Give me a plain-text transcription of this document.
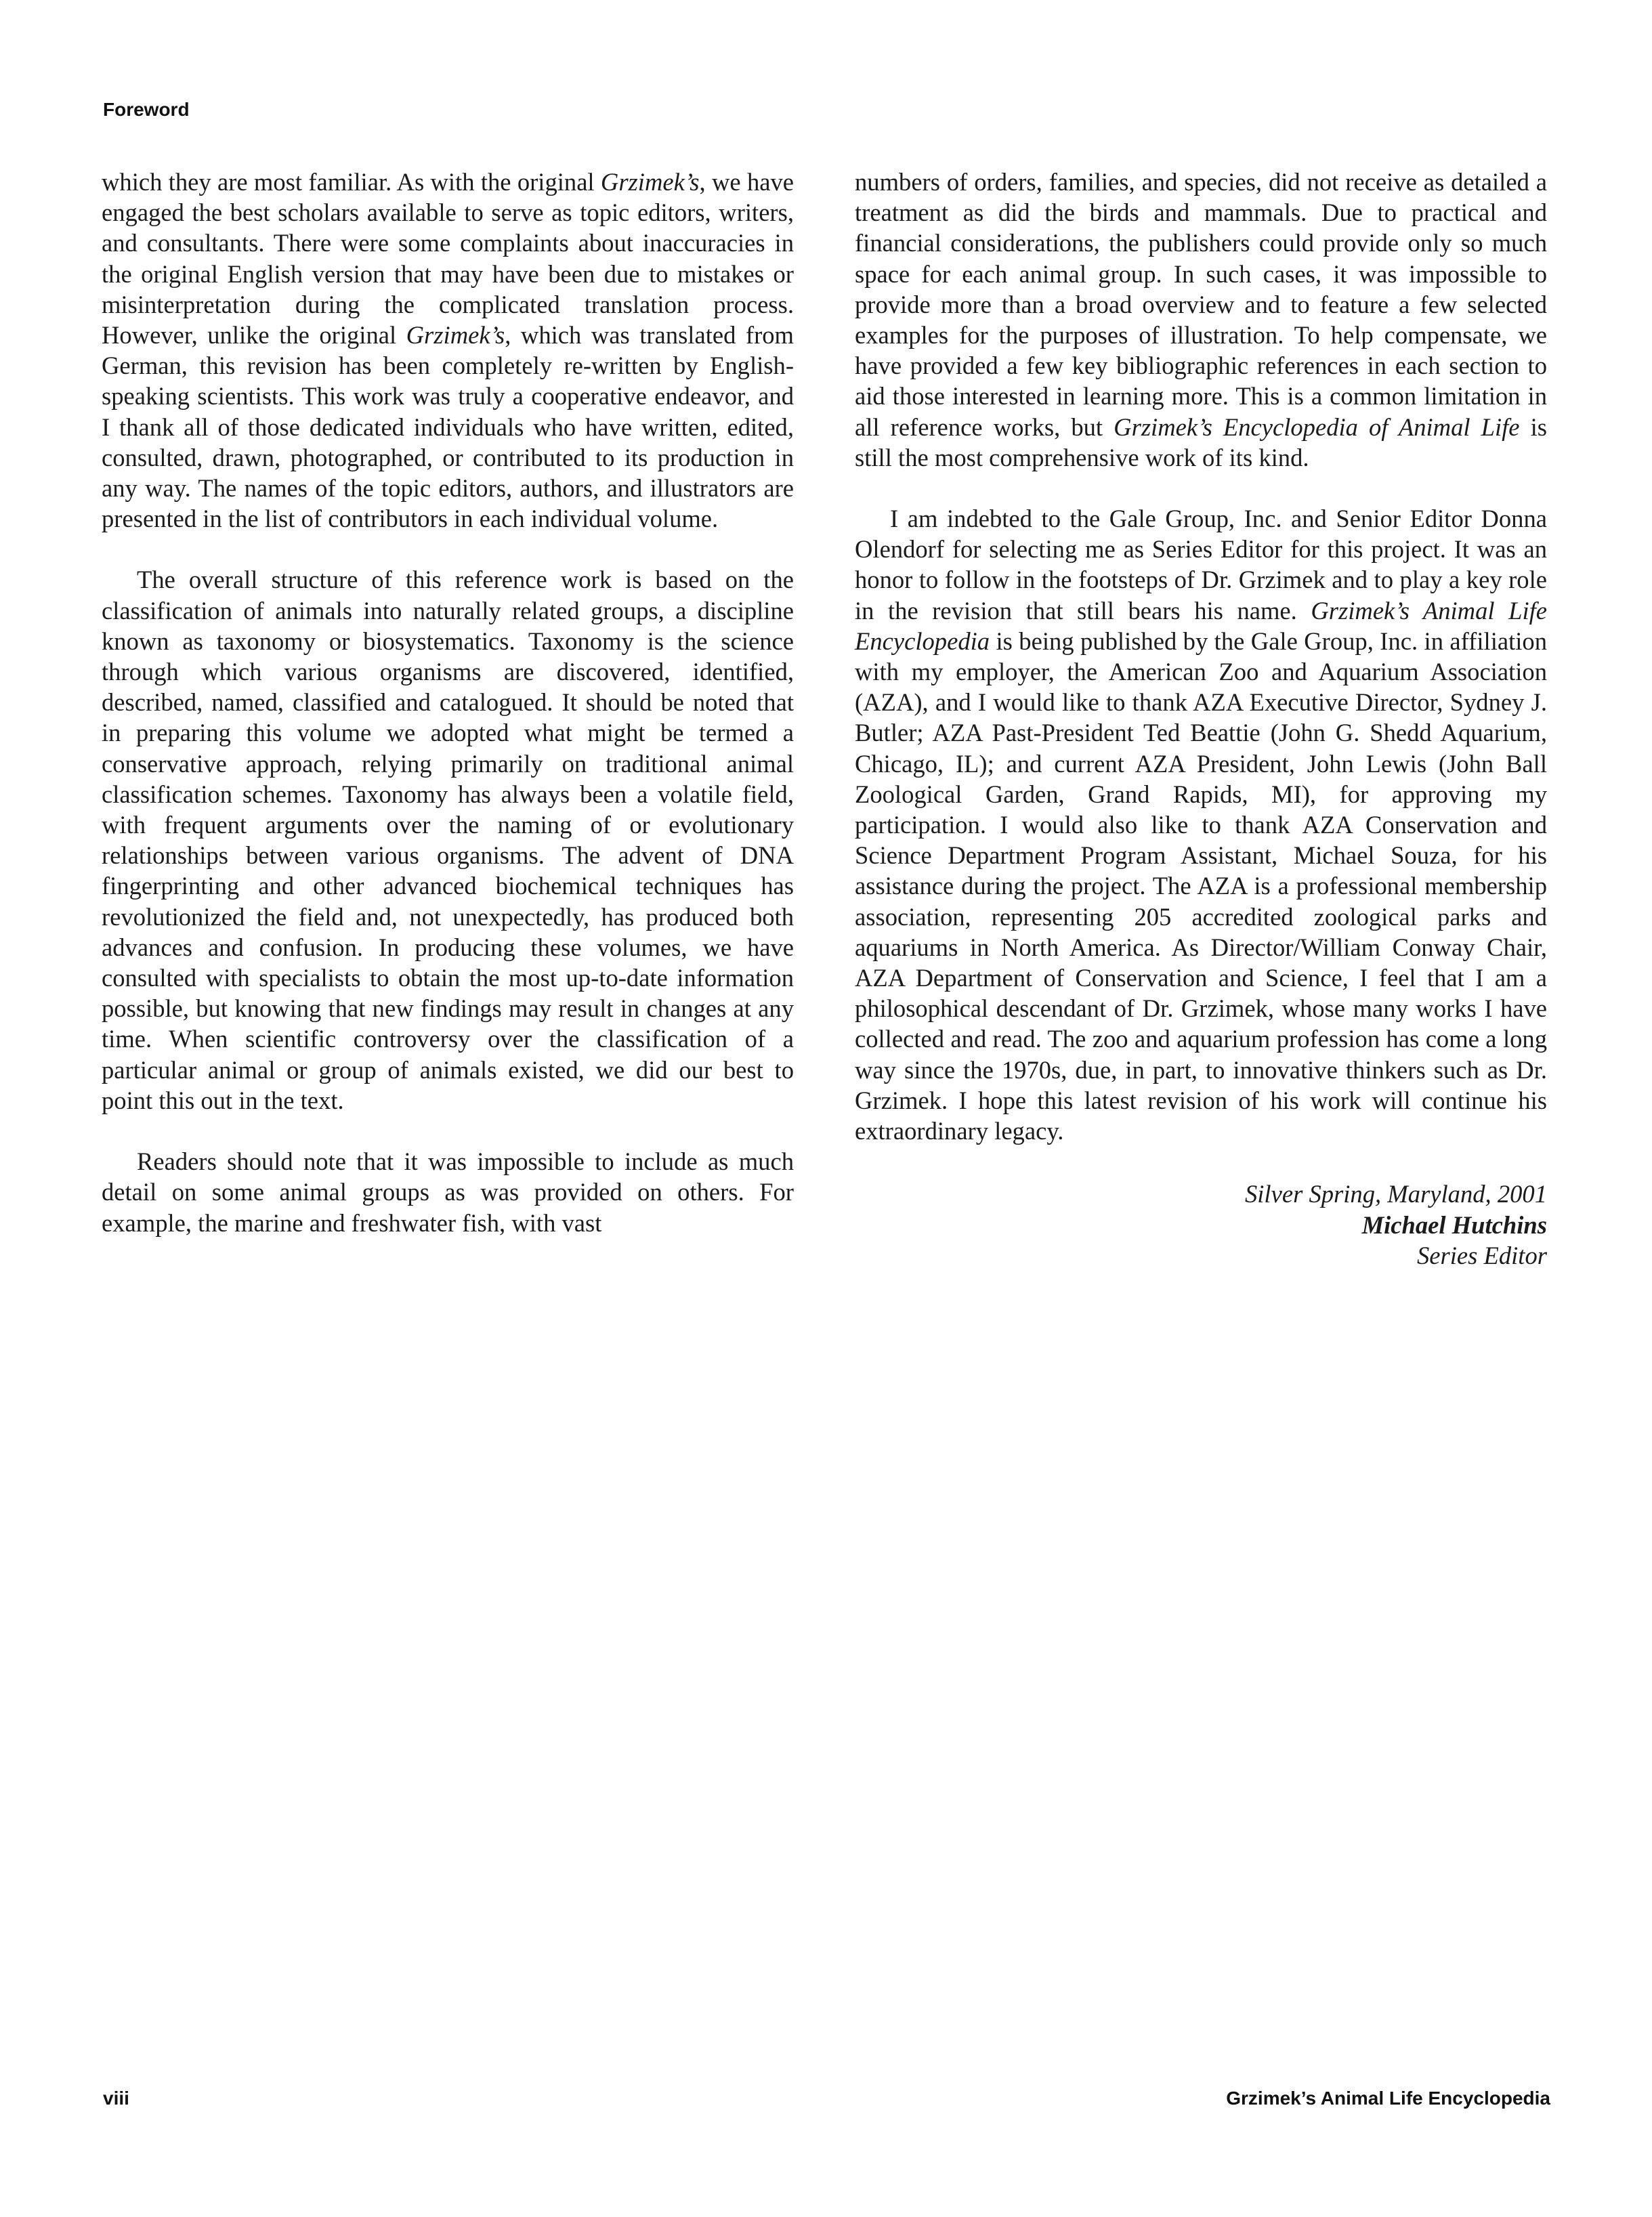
Foreword

which they are most familiar. As with the original Grzimek’s, we have engaged the best scholars available to serve as topic editors, writers, and consultants. There were some complaints about inaccuracies in the original English version that may have been due to mistakes or misinterpretation during the complicated translation process. However, unlike the original Grzimek’s, which was translated from German, this revision has been completely re-written by English-speaking scientists. This work was truly a cooperative endeavor, and I thank all of those dedicated individuals who have written, edited, consulted, drawn, photographed, or contributed to its production in any way. The names of the topic editors, authors, and illustrators are presented in the list of contributors in each individual volume.

The overall structure of this reference work is based on the classification of animals into naturally related groups, a discipline known as taxonomy or biosystematics. Taxonomy is the science through which various organisms are discovered, identified, described, named, classified and catalogued. It should be noted that in preparing this volume we adopted what might be termed a conservative approach, relying primarily on traditional animal classification schemes. Taxonomy has always been a volatile field, with frequent arguments over the naming of or evolutionary relationships between various organisms. The advent of DNA fingerprinting and other advanced biochemical techniques has revolutionized the field and, not unexpectedly, has produced both advances and confusion. In producing these volumes, we have consulted with specialists to obtain the most up-to-date information possible, but knowing that new findings may result in changes at any time. When scientific controversy over the classification of a particular animal or group of animals existed, we did our best to point this out in the text.

Readers should note that it was impossible to include as much detail on some animal groups as was provided on others. For example, the marine and freshwater fish, with vast

numbers of orders, families, and species, did not receive as detailed a treatment as did the birds and mammals. Due to practical and financial considerations, the publishers could provide only so much space for each animal group. In such cases, it was impossible to provide more than a broad overview and to feature a few selected examples for the purposes of illustration. To help compensate, we have provided a few key bibliographic references in each section to aid those interested in learning more. This is a common limitation in all reference works, but Grzimek’s Encyclopedia of Animal Life is still the most comprehensive work of its kind.

I am indebted to the Gale Group, Inc. and Senior Editor Donna Olendorf for selecting me as Series Editor for this project. It was an honor to follow in the footsteps of Dr. Grzimek and to play a key role in the revision that still bears his name. Grzimek’s Animal Life Encyclopedia is being published by the Gale Group, Inc. in affiliation with my employer, the American Zoo and Aquarium Association (AZA), and I would like to thank AZA Executive Director, Sydney J. Butler; AZA Past-President Ted Beattie (John G. Shedd Aquarium, Chicago, IL); and current AZA President, John Lewis (John Ball Zoological Garden, Grand Rapids, MI), for approving my participation. I would also like to thank AZA Conservation and Science Department Program Assistant, Michael Souza, for his assistance during the project. The AZA is a professional membership association, representing 205 accredited zoological parks and aquariums in North America. As Director/William Conway Chair, AZA Department of Conservation and Science, I feel that I am a philosophical descendant of Dr. Grzimek, whose many works I have collected and read. The zoo and aquarium profession has come a long way since the 1970s, due, in part, to innovative thinkers such as Dr. Grzimek. I hope this latest revision of his work will continue his extraordinary legacy.

Silver Spring, Maryland, 2001
Michael Hutchins
Series Editor
viii	Grzimek’s Animal Life Encyclopedia
